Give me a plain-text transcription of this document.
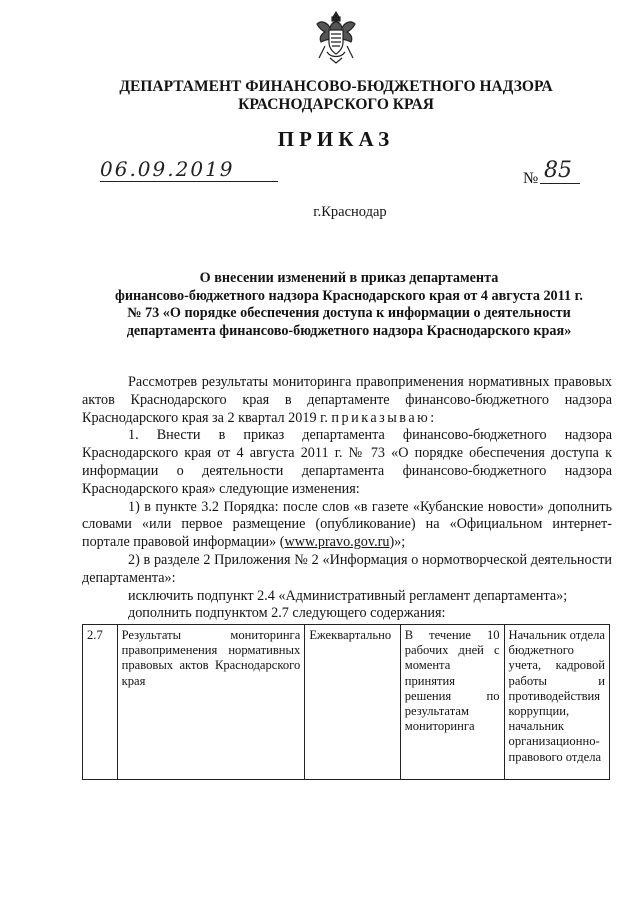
ДЕПАРТАМЕНТ ФИНАНСОВО-БЮДЖЕТНОГО НАДЗОРА
КРАСНОДАРСКОГО КРАЯ
ПРИКАЗ
06.09.2019	№ 85
г.Краснодар
О внесении изменений в приказ департамента
финансово-бюджетного надзора Краснодарского края от 4 августа 2011 г.
№ 73 «О порядке обеспечения доступа к информации о деятельности
департамента финансово-бюджетного надзора Краснодарского края»

Рассмотрев результаты мониторинга правоприменения нормативных правовых актов Краснодарского края в департаменте финансово-бюджетного надзора Краснодарского края за 2 квартал 2019 г. приказываю:

1. Внести в приказ департамента финансово-бюджетного надзора Краснодарского края от 4 августа 2011 г. № 73 «О порядке обеспечения доступа к информации о деятельности департамента финансово-бюджетного надзора Краснодарского края» следующие изменения:

1) в пункте 3.2 Порядка: после слов «в газете «Кубанские новости» дополнить словами «или первое размещение (опубликование) на «Официальном интернет-портале правовой информации» (www.pravo.gov.ru)»;

2) в разделе 2 Приложения № 2 «Информация о нормотворческой деятельности департамента»:

исключить подпункт 2.4 «Административный регламент департамента»;

дополнить подпунктом 2.7 следующего содержания:

2.7	Результаты мониторинга правоприменения нормативных правовых актов Краснодарского края	Ежеквартально	В течение 10 рабочих дней с момента принятия решения по результатам мониторинга	Начальник отдела бюджетного учета, кадровой работы и противодействия коррупции, начальник организационно-правового отдела
